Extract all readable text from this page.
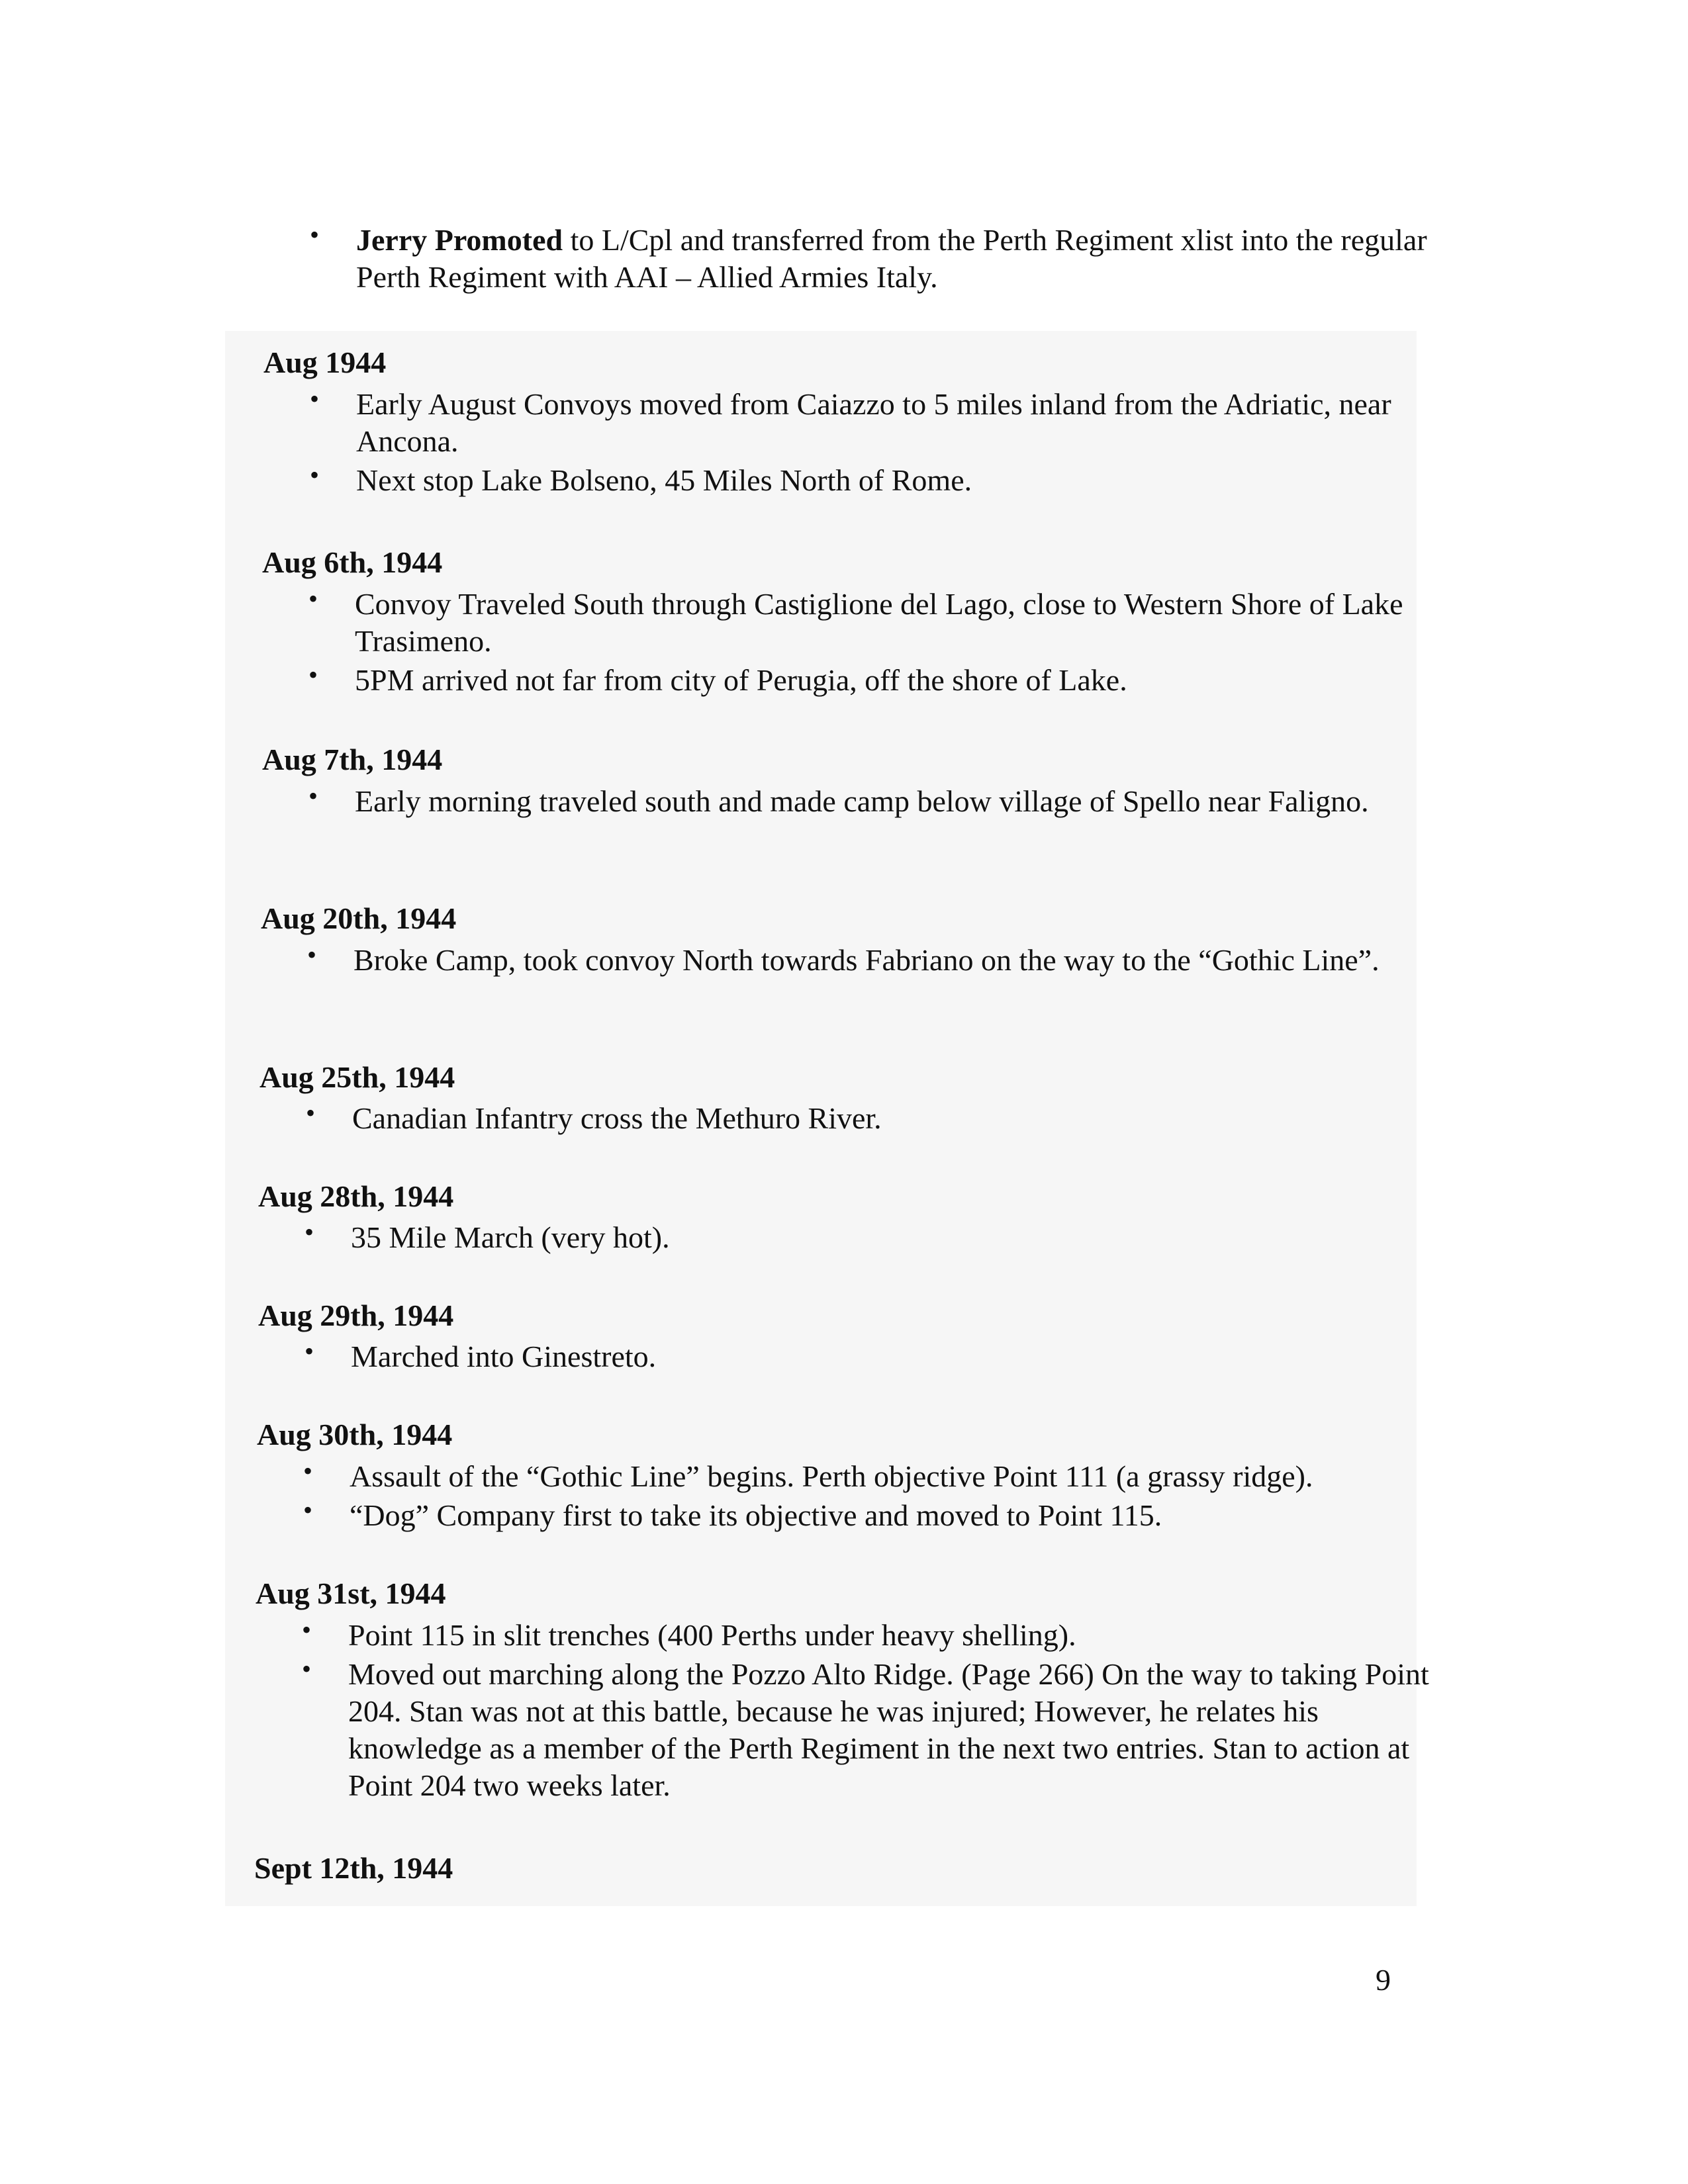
• Jerry Promoted to L/Cpl and transferred from the Perth Regiment xlist into the regular Perth Regiment with AAI – Allied Armies Italy.
Aug 1944
• Early August Convoys moved from Caiazzo to 5 miles inland from the Adriatic, near Ancona.
• Next stop Lake Bolseno, 45 Miles North of Rome.
Aug 6th, 1944
• Convoy Traveled South through Castiglione del Lago, close to Western Shore of Lake Trasimeno.
• 5PM arrived not far from city of Perugia, off the shore of Lake.
Aug 7th, 1944
• Early morning traveled south and made camp below village of Spello near Faligno.
Aug 20th, 1944
• Broke Camp, took convoy North towards Fabriano on the way to the “Gothic Line”.
Aug 25th, 1944
• Canadian Infantry cross the Methuro River.
Aug 28th, 1944
• 35 Mile March (very hot).
Aug 29th, 1944
• Marched into Ginestreto.
Aug 30th, 1944
• Assault of the “Gothic Line” begins. Perth objective Point 111 (a grassy ridge).
• “Dog” Company first to take its objective and moved to Point 115.
Aug 31st, 1944
• Point 115 in slit trenches (400 Perths under heavy shelling).
• Moved out marching along the Pozzo Alto Ridge. (Page 266) On the way to taking Point 204. Stan was not at this battle, because he was injured; However, he relates his knowledge as a member of the Perth Regiment in the next two entries. Stan to action at Point 204 two weeks later.
Sept 12th, 1944
9
